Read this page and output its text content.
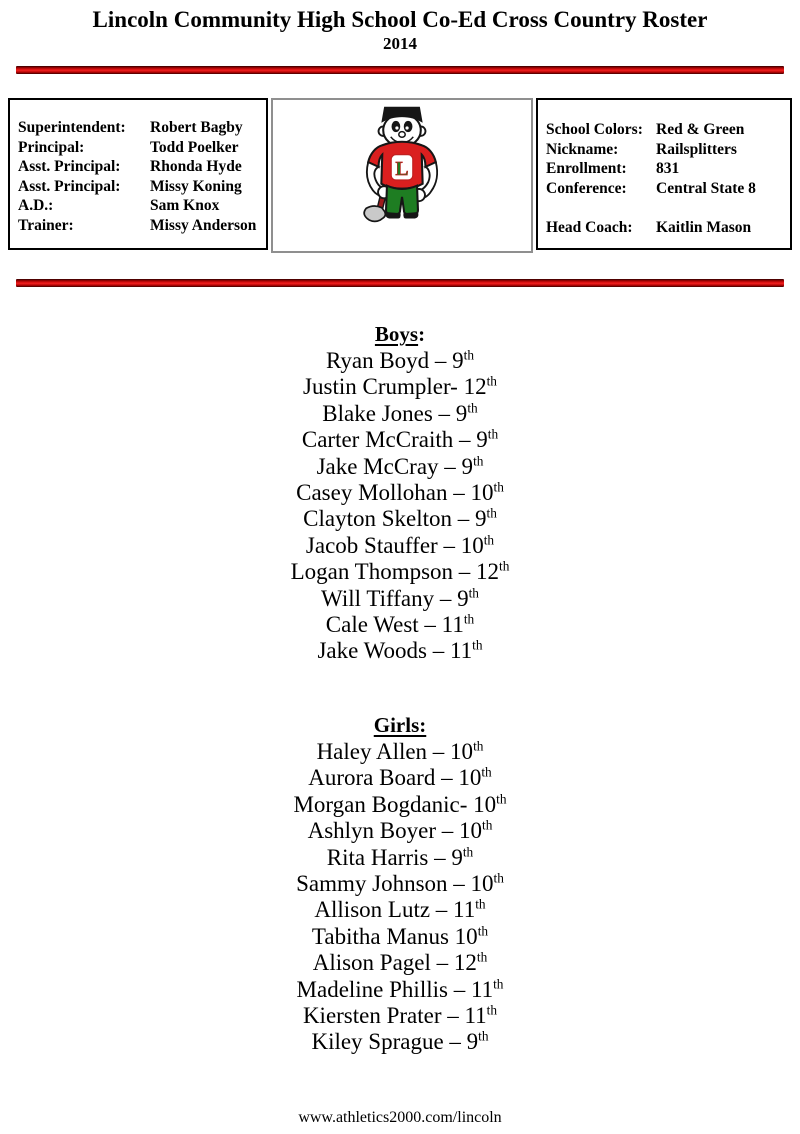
Lincoln Community High School Co-Ed Cross Country Roster
2014
Superintendent:	Robert Bagby
Principal:	Todd Poelker
Asst. Principal:	Rhonda Hyde
Asst. Principal:	Missy Koning
A.D.:	Sam Knox
Trainer:	Missy Anderson
L
School Colors: Red & Green
Nickname:	Railsplitters
Enrollment:	831
Conference:	Central State 8
Head Coach:	Kaitlin Mason
Boys:
Ryan Boyd – 9th
Justin Crumpler- 12th
Blake Jones – 9th
Carter McCraith – 9th
Jake McCray – 9th
Casey Mollohan – 10th
Clayton Skelton – 9th
Jacob Stauffer – 10th
Logan Thompson – 12th
Will Tiffany – 9th
Cale West – 11th
Jake Woods – 11th
Girls:
Haley Allen – 10th
Aurora Board – 10th
Morgan Bogdanic- 10th
Ashlyn Boyer – 10th
Rita Harris – 9th
Sammy Johnson – 10th
Allison Lutz – 11th
Tabitha Manus 10th
Alison Pagel – 12th
Madeline Phillis – 11th
Kiersten Prater – 11th
Kiley Sprague – 9th
www.athletics2000.com/lincoln
